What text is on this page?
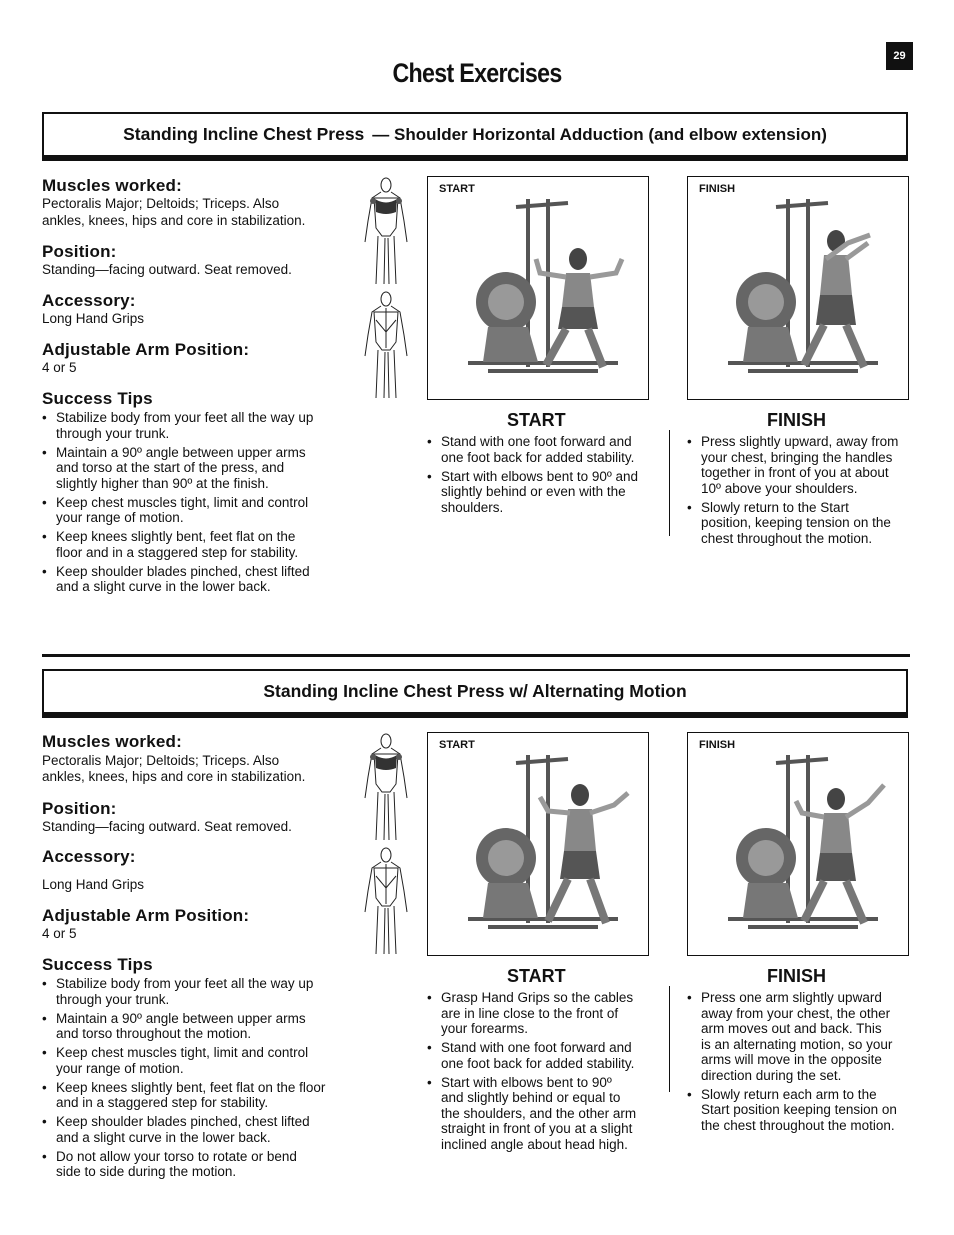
29
Chest Exercises
Standing Incline Chest Press — Shoulder Horizontal Adduction (and elbow extension)
Muscles worked:
Pectoralis Major; Deltoids; Triceps. Also
ankles, knees, hips and core in stabilization.
Position:
Standing—facing outward. Seat removed.
Accessory:
Long Hand Grips
Adjustable Arm Position:
4 or 5
Success Tips
• Stabilize body from your feet all the way up
through your trunk.
• Maintain a 90º angle between upper arms
and torso at the start of the press, and
slightly higher than 90º at the finish.
• Keep chest muscles tight, limit and control
your range of motion.
• Keep knees slightly bent, feet flat on the
floor and in a staggered step for stability.
• Keep shoulder blades pinched, chest lifted
and a slight curve in the lower back.
START	FINISH
START	FINISH
• Stand with one foot forward and
one foot back for added stability.
• Start with elbows bent to 90º and
slightly behind or even with the
shoulders.
• Press slightly upward, away from
your chest, bringing the handles
together in front of you at about
10º above your shoulders.
• Slowly return to the Start
position, keeping tension on the
chest throughout the motion.
Standing Incline Chest Press w/ Alternating Motion
Muscles worked:
Pectoralis Major; Deltoids; Triceps. Also
ankles, knees, hips and core in stabilization.
Position:
Standing—facing outward. Seat removed.
Accessory:
Long Hand Grips
Adjustable Arm Position:
4 or 5
Success Tips
• Stabilize body from your feet all the way up
through your trunk.
• Maintain a 90º angle between upper arms
and torso throughout the motion.
• Keep chest muscles tight, limit and control
your range of motion.
• Keep knees slightly bent, feet flat on the floor
and in a staggered step for stability.
• Keep shoulder blades pinched, chest lifted
and a slight curve in the lower back.
• Do not allow your torso to rotate or bend
side to side during the motion.
START	FINISH
START	FINISH
• Grasp Hand Grips so the cables
are in line close to the front of
your forearms.
• Stand with one foot forward and
one foot back for added stability.
• Start with elbows bent to 90º
and slightly behind or equal to
the shoulders, and the other arm
straight in front of you at a slight
inclined angle about head high.
• Press one arm slightly upward
away from your chest, the other
arm moves out and back. This
is an alternating motion, so your
arms will move in the opposite
direction during the set.
• Slowly return each arm to the
Start position keeping tension on
the chest throughout the motion.
